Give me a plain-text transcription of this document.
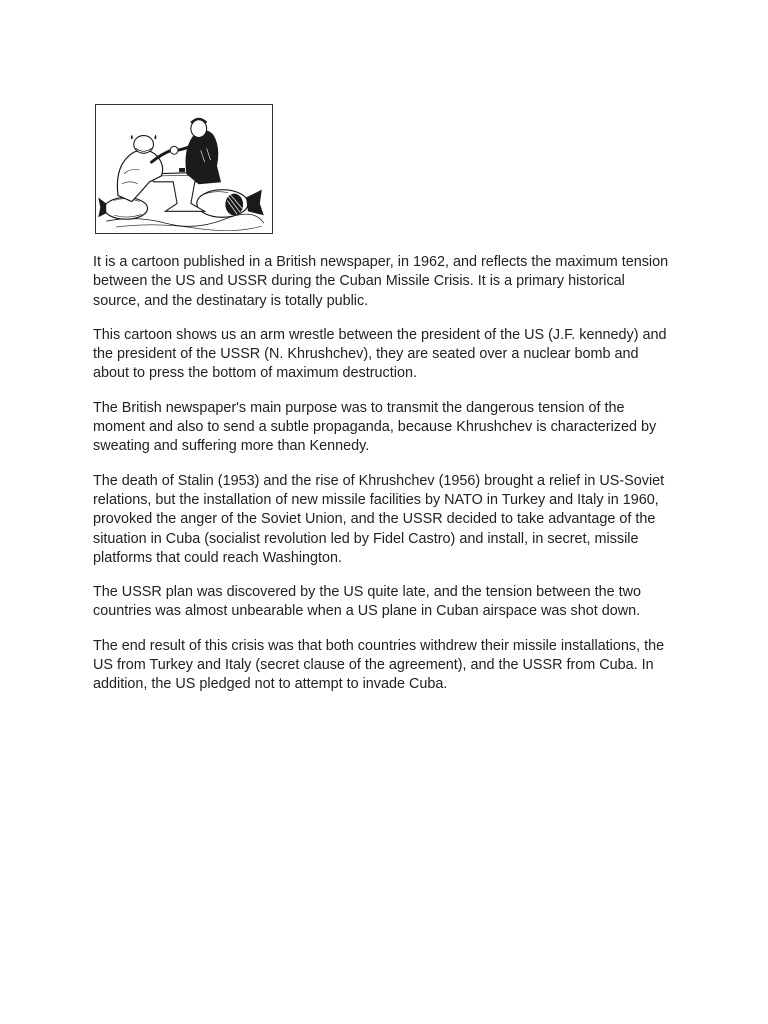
It is a cartoon published in a British newspaper, in 1962, and reflects the maximum tension between the US and USSR during the Cuban Missile Crisis. It is a primary historical source, and the destinatary is totally public.

This cartoon shows us an arm wrestle between the president of the US (J.F. kennedy) and the president of the USSR (N. Khrushchev), they are seated over a nuclear bomb and about to press the bottom of maximum destruction.

The British newspaper's main purpose was to transmit the dangerous tension of the moment and also to send a subtle propaganda, because Khrushchev is characterized by sweating and suffering more than Kennedy.

The death of Stalin (1953) and the rise of Khrushchev (1956) brought a relief in US-Soviet relations, but the installation of new missile facilities by NATO in Turkey and Italy in 1960, provoked the anger of the Soviet Union, and the USSR decided to take advantage of the situation in Cuba (socialist revolution led by Fidel Castro) and install, in secret, missile platforms that could reach Washington.

The USSR plan was discovered by the US quite late, and the tension between the two countries was almost unbearable when a US plane in Cuban airspace was shot down.

The end result of this crisis was that both countries withdrew their missile installations, the US from Turkey and Italy (secret clause of the agreement), and the USSR from Cuba. In addition, the US pledged not to attempt to invade Cuba.
